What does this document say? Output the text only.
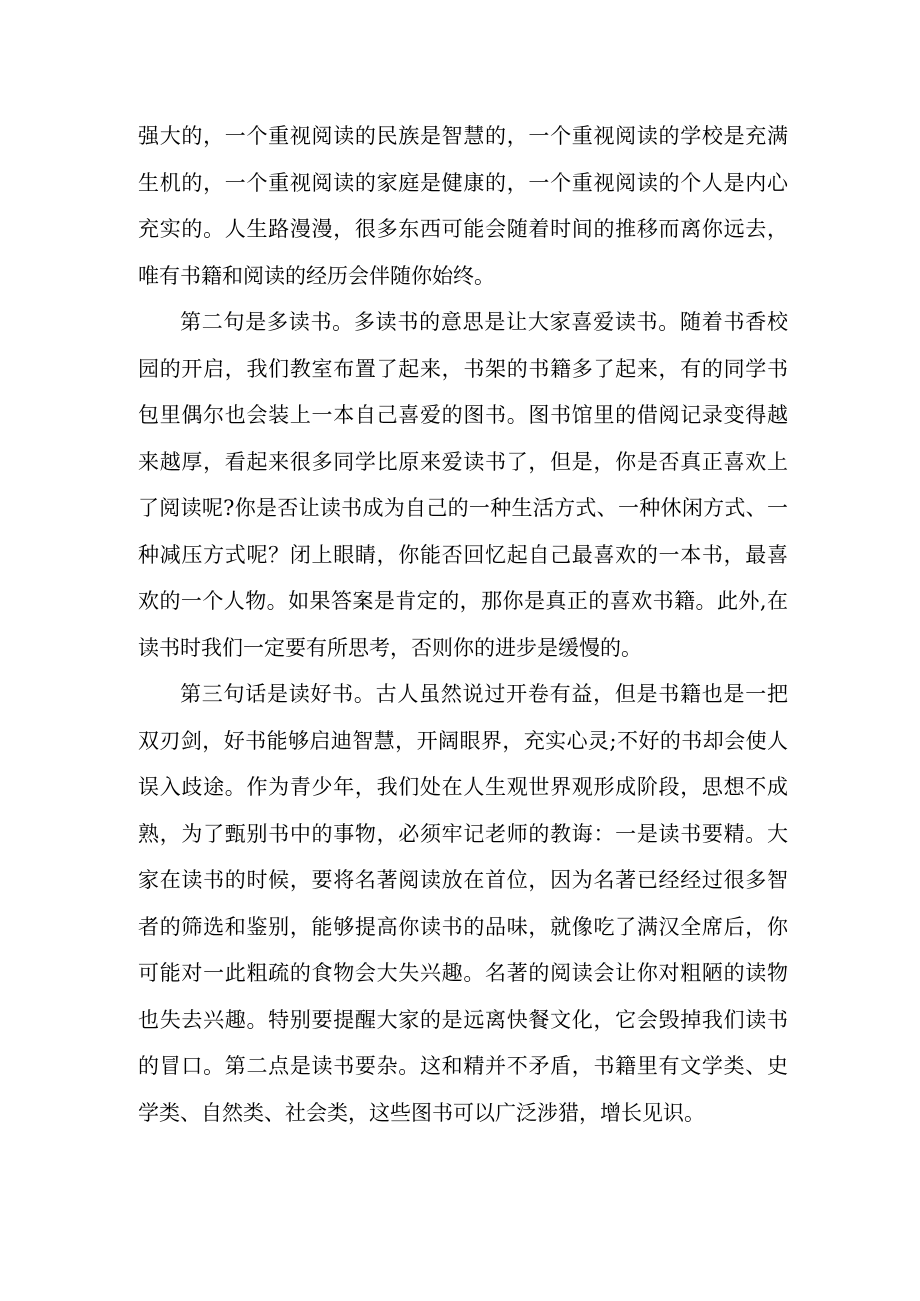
强大的，一个重视阅读的民族是智慧的，一个重视阅读的学校是充满生机的，一个重视阅读的家庭是健康的，一个重视阅读的个人是内心充实的。人生路漫漫，很多东西可能会随着时间的推移而离你远去，唯有书籍和阅读的经历会伴随你始终。

第二句是多读书。多读书的意思是让大家喜爱读书。随着书香校园的开启，我们教室布置了起来，书架的书籍多了起来，有的同学书包里偶尔也会装上一本自己喜爱的图书。图书馆里的借阅记录变得越来越厚，看起来很多同学比原来爱读书了，但是，你是否真正喜欢上了阅读呢?你是否让读书成为自己的一种生活方式、一种休闲方式、一种减压方式呢？闭上眼睛，你能否回忆起自己最喜欢的一本书，最喜欢的一个人物。如果答案是肯定的，那你是真正的喜欢书籍。此外,在读书时我们一定要有所思考，否则你的进步是缓慢的。

第三句话是读好书。古人虽然说过开卷有益，但是书籍也是一把双刃剑，好书能够启迪智慧，开阔眼界，充实心灵;不好的书却会使人误入歧途。作为青少年，我们处在人生观世界观形成阶段，思想不成熟，为了甄别书中的事物，必须牢记老师的教诲：一是读书要精。大家在读书的时候，要将名著阅读放在首位，因为名著已经经过很多智者的筛选和鉴别，能够提高你读书的品味，就像吃了满汉全席后，你可能对一此粗疏的食物会大失兴趣。名著的阅读会让你对粗陋的读物也失去兴趣。特别要提醒大家的是远离快餐文化，它会毁掉我们读书的冒口。第二点是读书要杂。这和精并不矛盾，书籍里有文学类、史学类、自然类、社会类，这些图书可以广泛涉猎，增长见识。
